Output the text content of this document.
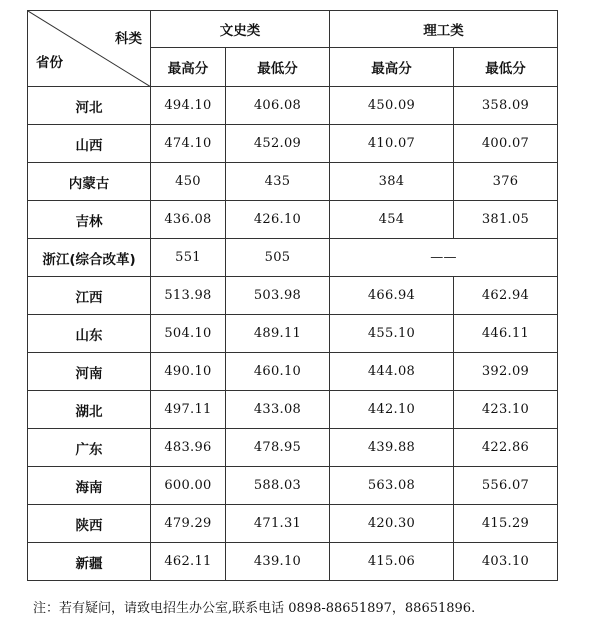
科类
省份	文史类		理工类	
	最高分	最低分	最高分	最低分
河北	494.10	406.08	450.09	358.09
山西	474.10	452.09	410.07	400.07
内蒙古	450	435	384	376
吉林	436.08	426.10	454	381.05
浙江(综合改革)	551	505	——	
江西	513.98	503.98	466.94	462.94
山东	504.10	489.11	455.10	446.11
河南	490.10	460.10	444.08	392.09
湖北	497.11	433.08	442.10	423.10
广东	483.96	478.95	439.88	422.86
海南	600.00	588.03	563.08	556.07
陕西	479.29	471.31	420.30	415.29
新疆	462.11	439.10	415.06	403.10
注：若有疑问，请致电招生办公室,联系电话 0898-88651897，88651896.
